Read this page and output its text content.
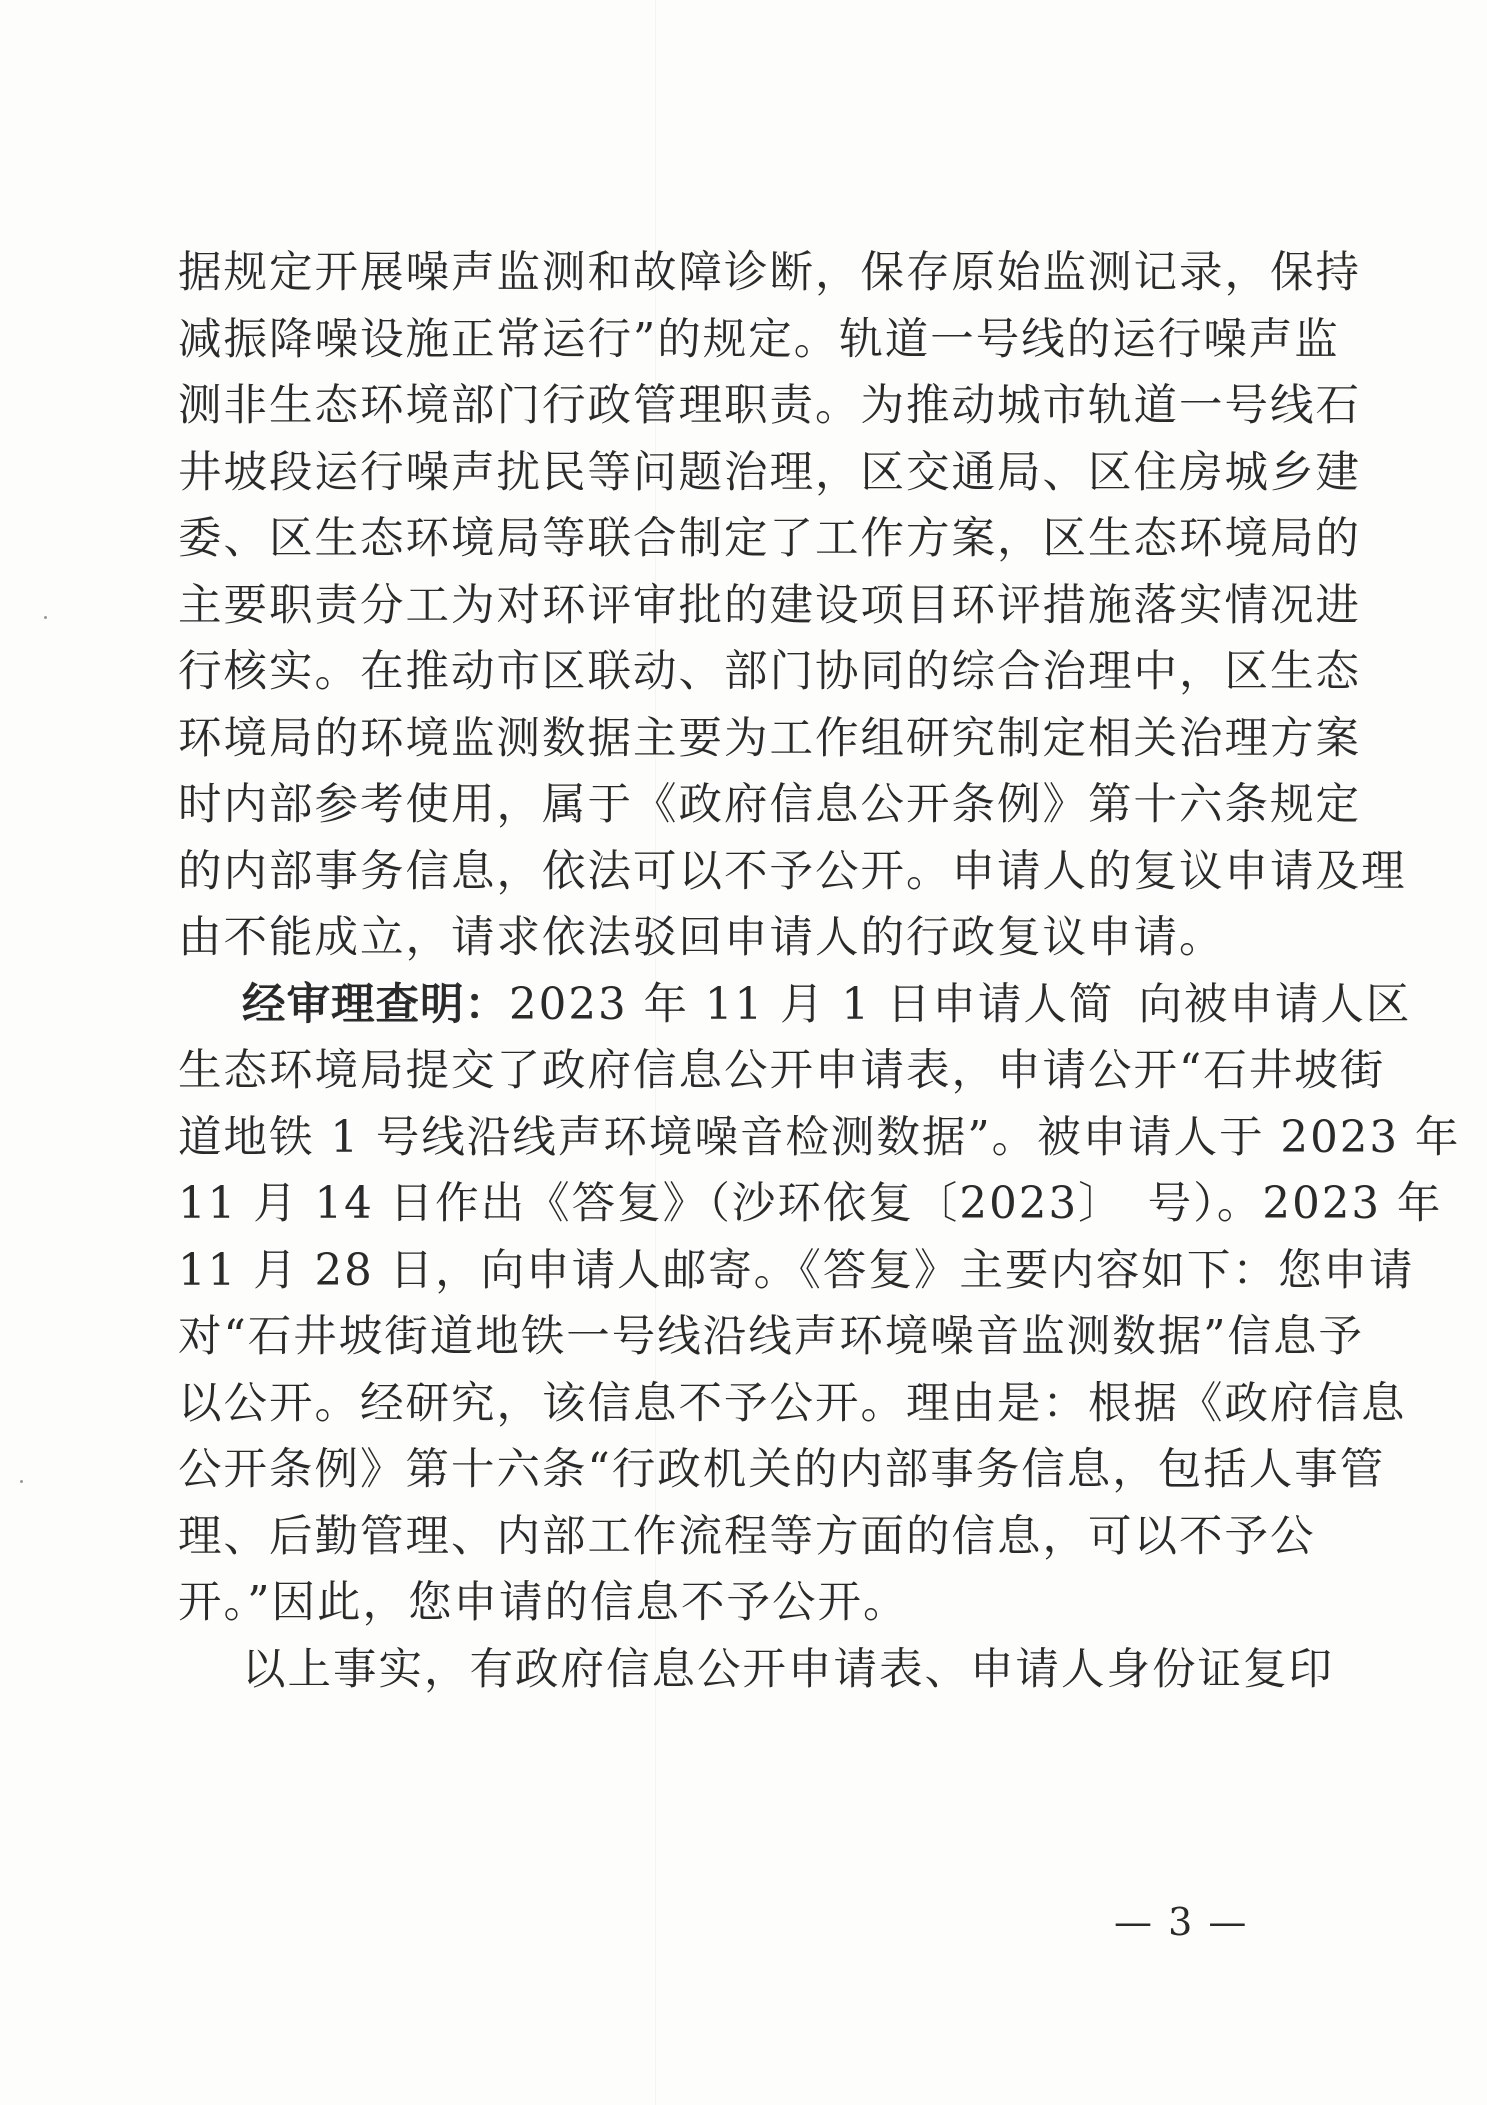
据规定开展噪声监测和故障诊断，保存原始监测记录，保持
减振降噪设施正常运行”的规定。轨道一号线的运行噪声监
测非生态环境部门行政管理职责。为推动城市轨道一号线石
井坡段运行噪声扰民等问题治理，区交通局、区住房城乡建
委、区生态环境局等联合制定了工作方案，区生态环境局的
主要职责分工为对环评审批的建设项目环评措施落实情况进
行核实。在推动市区联动、部门协同的综合治理中，区生态
环境局的环境监测数据主要为工作组研究制定相关治理方案
时内部参考使用，属于《政府信息公开条例》第十六条规定
的内部事务信息，依法可以不予公开。申请人的复议申请及理
由不能成立，请求依法驳回申请人的行政复议申请。
经审理查明：2023 年 11 月 1 日申请人简 向被申请人区
生态环境局提交了政府信息公开申请表，申请公开“石井坡街
道地铁 1 号线沿线声环境噪音检测数据”。被申请人于 2023 年
11 月 14 日作出《答复》（沙环依复〔2023〕 号）。2023 年
11 月 28 日，向申请人邮寄。《答复》主要内容如下：您申请
对“石井坡街道地铁一号线沿线声环境噪音监测数据”信息予
以公开。经研究，该信息不予公开。理由是：根据《政府信息
公开条例》第十六条“行政机关的内部事务信息，包括人事管
理、后勤管理、内部工作流程等方面的信息，可以不予公
开。”因此，您申请的信息不予公开。
以上事实，有政府信息公开申请表、申请人身份证复印
— 3 —
